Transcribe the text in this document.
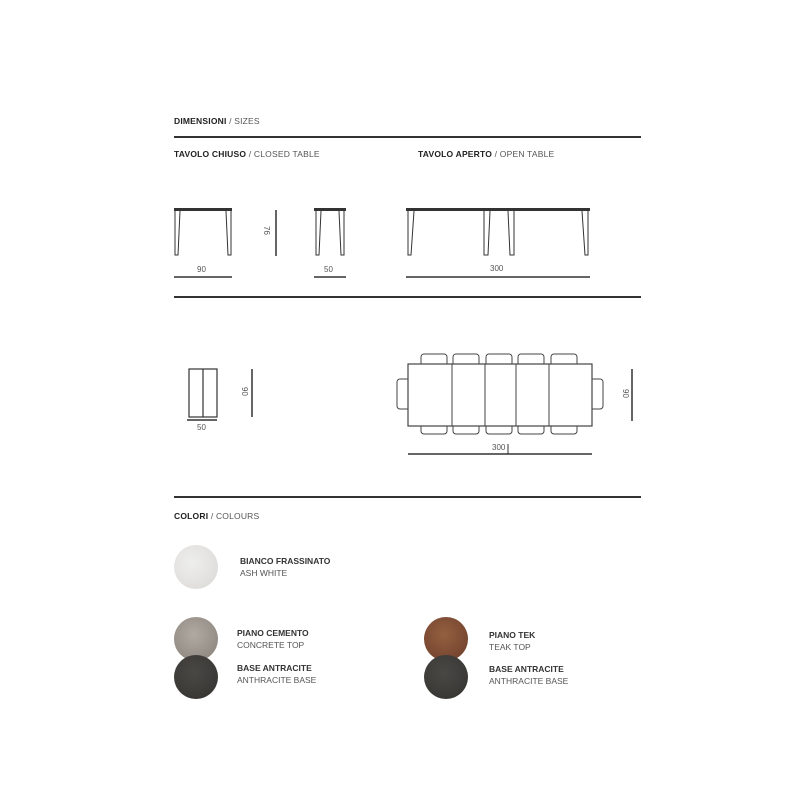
DIMENSIONI / SIZES
TAVOLO CHIUSO / CLOSED TABLE	TAVOLO APERTO / OPEN TABLE
90
76
50	300
50
90
300
90
COLORI / COLOURS
BIANCO FRASSINATO
ASH WHITE
PIANO CEMENTO
CONCRETE TOP
BASE ANTRACITE
ANTHRACITE BASE
PIANO TEK
TEAK TOP
BASE ANTRACITE
ANTHRACITE BASE
